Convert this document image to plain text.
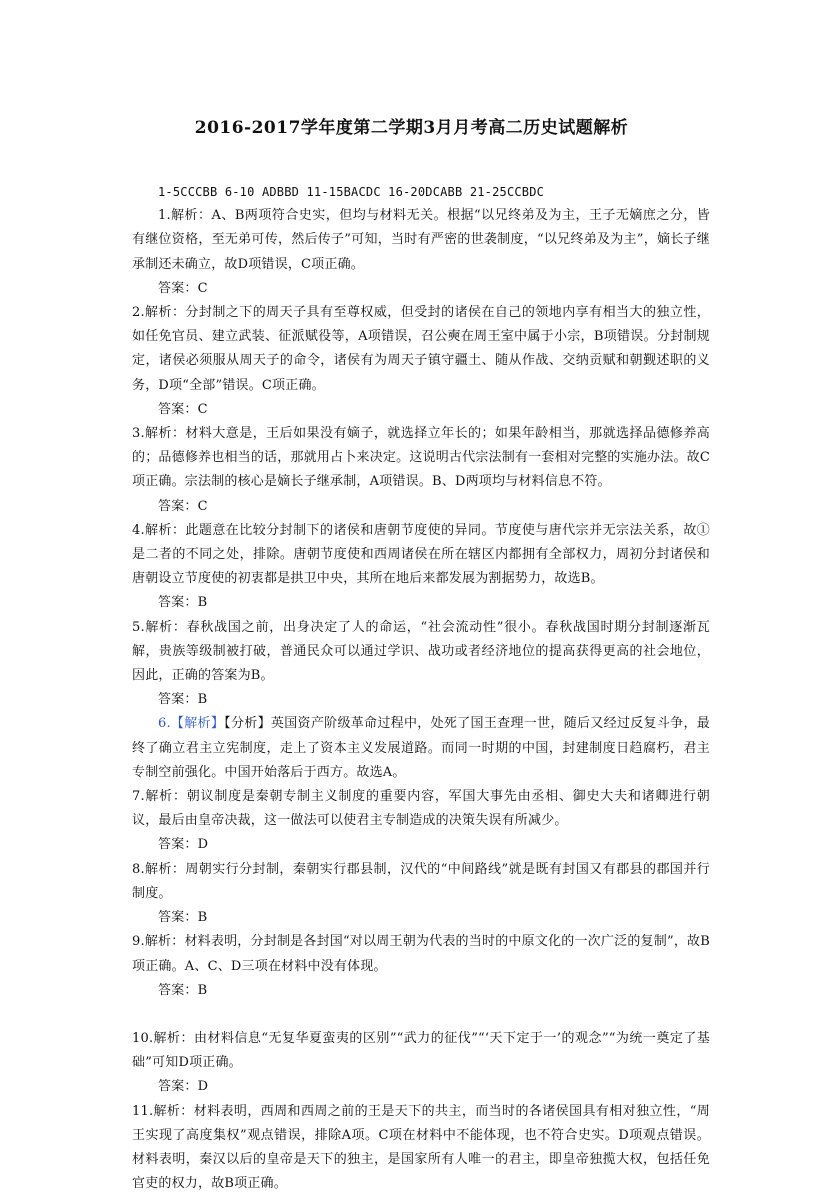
2016-2017学年度第二学期3月月考高二历史试题解析

1-5CCCBB 6-10 ADBBD 11-15BACDC 16-20DCABB 21-25CCBDC

1.解析：A、B两项符合史实，但均与材料无关。根据“以兄终弟及为主，王子无嫡庶之分，皆有继位资格，至无弟可传，然后传子”可知，当时有严密的世袭制度，“以兄终弟及为主”，嫡长子继承制还未确立，故D项错误，C项正确。

答案：C

2.解析：分封制之下的周天子具有至尊权威，但受封的诸侯在自己的领地内享有相当大的独立性，如任免官员、建立武装、征派赋役等，A项错误，召公奭在周王室中属于小宗，B项错误。分封制规定，诸侯必须服从周天子的命令，诸侯有为周天子镇守疆土、随从作战、交纳贡赋和朝觐述职的义务，D项“全部”错误。C项正确。

答案：C

3.解析：材料大意是，王后如果没有嫡子，就选择立年长的；如果年龄相当，那就选择品德修养高的；品德修养也相当的话，那就用占卜来决定。这说明古代宗法制有一套相对完整的实施办法。故C项正确。宗法制的核心是嫡长子继承制，A项错误。B、D两项均与材料信息不符。

答案：C

4.解析：此题意在比较分封制下的诸侯和唐朝节度使的异同。节度使与唐代宗并无宗法关系，故①是二者的不同之处，排除。唐朝节度使和西周诸侯在所在辖区内都拥有全部权力，周初分封诸侯和唐朝设立节度使的初衷都是拱卫中央，其所在地后来都发展为割据势力，故选B。

答案：B

5.解析：春秋战国之前，出身决定了人的命运，“社会流动性”很小。春秋战国时期分封制逐渐瓦解，贵族等级制被打破，普通民众可以通过学识、战功或者经济地位的提高获得更高的社会地位，因此，正确的答案为B。

答案：B

6.【解析】【分析】英国资产阶级革命过程中，处死了国王查理一世，随后又经过反复斗争，最终了确立君主立宪制度，走上了资本主义发展道路。而同一时期的中国，封建制度日趋腐朽，君主专制空前强化。中国开始落后于西方。故选A。

7.解析：朝议制度是秦朝专制主义制度的重要内容，军国大事先由丞相、御史大夫和诸卿进行朝议，最后由皇帝决裁，这一做法可以使君主专制造成的决策失误有所减少。

答案：D

8.解析：周朝实行分封制，秦朝实行郡县制，汉代的“中间路线”就是既有封国又有郡县的郡国并行制度。

答案：B

9.解析：材料表明，分封制是各封国“对以周王朝为代表的当时的中原文化的一次广泛的复制”，故B项正确。A、C、D三项在材料中没有体现。

答案：B

10.解析：由材料信息“无复华夏蛮夷的区别”“武力的征伐”“‘天下定于一’的观念”“为统一奠定了基础”可知D项正确。

答案：D

11.解析：材料表明，西周和西周之前的王是天下的共主，而当时的各诸侯国具有相对独立性，“周王实现了高度集权”观点错误，排除A项。C项在材料中不能体现，也不符合史实。D项观点错误。材料表明，秦汉以后的皇帝是天下的独主，是国家所有人唯一的君主，即皇帝独揽大权，包括任免官吏的权力，故B项正确。
